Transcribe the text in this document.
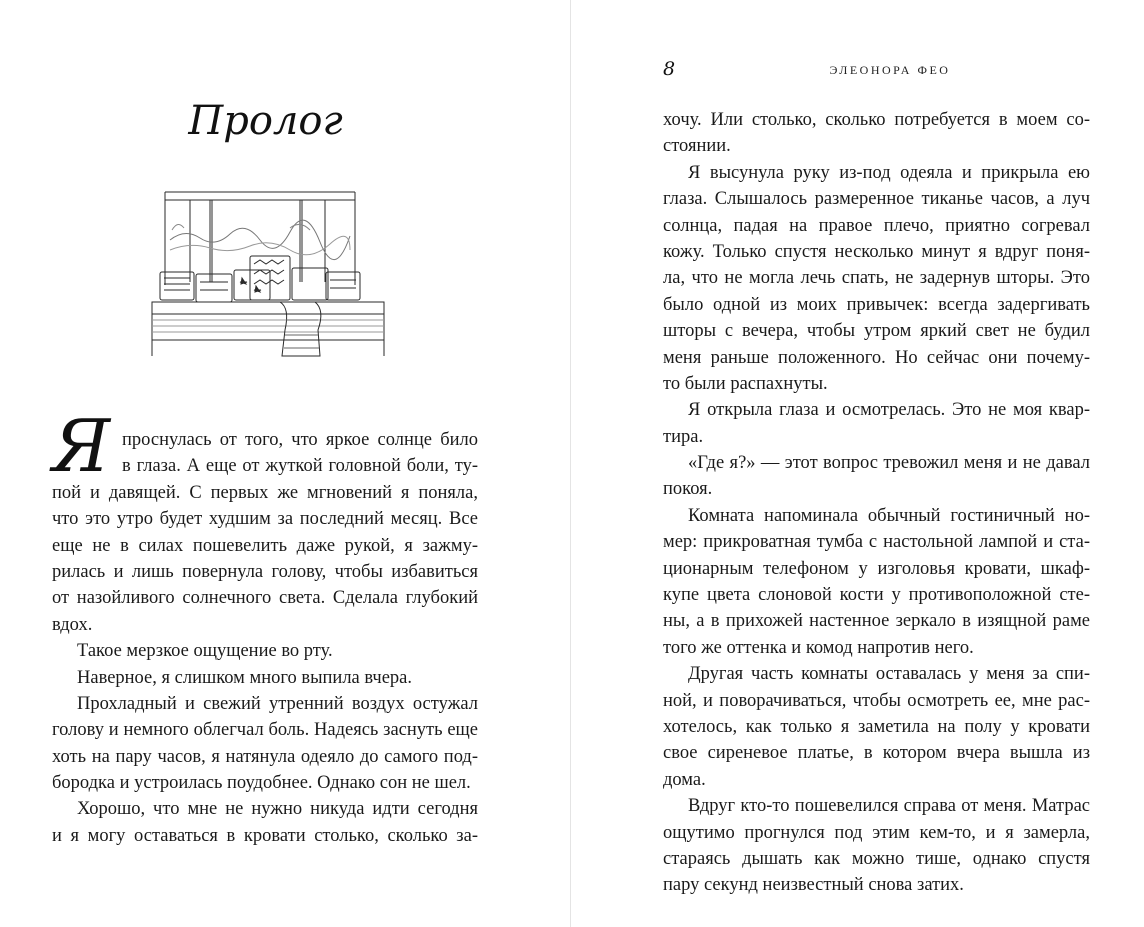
Пролог
Я проснулась от того, что яркое солнце било
в глаза. А еще от жуткой головной боли, ту-
пой и давящей. С первых же мгновений я поняла,
что это утро будет худшим за последний месяц. Все
еще не в силах пошевелить даже рукой, я зажму-
рилась и лишь повернула голову, чтобы избавиться
от назойливого солнечного света. Сделала глубокий
вдох.
Такое мерзкое ощущение во рту.
Наверное, я слишком много выпила вчера.
Прохладный и свежий утренний воздух остужал
голову и немного облегчал боль. Надеясь заснуть еще
хоть на пару часов, я натянула одеяло до самого под-
бородка и устроилась поудобнее. Однако сон не шел.
Хорошо, что мне не нужно никуда идти сегодня
и я могу оставаться в кровати столько, сколько за-
8	ЭЛЕОНОРА ФЕО
хочу. Или столько, сколько потребуется в моем со-
стоянии.
Я высунула руку из-под одеяла и прикрыла ею
глаза. Слышалось размеренное тиканье часов, а луч
солнца, падая на правое плечо, приятно согревал
кожу. Только спустя несколько минут я вдруг поня-
ла, что не могла лечь спать, не задернув шторы. Это
было одной из моих привычек: всегда задергивать
шторы с вечера, чтобы утром яркий свет не будил
меня раньше положенного. Но сейчас они почему-
то были распахнуты.
Я открыла глаза и осмотрелась. Это не моя квар-
тира.
«Где я?» — этот вопрос тревожил меня и не давал
покоя.
Комната напоминала обычный гостиничный но-
мер: прикроватная тумба с настольной лампой и ста-
ционарным телефоном у изголовья кровати, шкаф-
купе цвета слоновой кости у противоположной сте-
ны, а в прихожей настенное зеркало в изящной раме
того же оттенка и комод напротив него.
Другая часть комнаты оставалась у меня за спи-
ной, и поворачиваться, чтобы осмотреть ее, мне рас-
хотелось, как только я заметила на полу у кровати
свое сиреневое платье, в котором вчера вышла из
дома.
Вдруг кто-то пошевелился справа от меня. Матрас
ощутимо прогнулся под этим кем-то, и я замерла,
стараясь дышать как можно тише, однако спустя
пару секунд неизвестный снова затих.
